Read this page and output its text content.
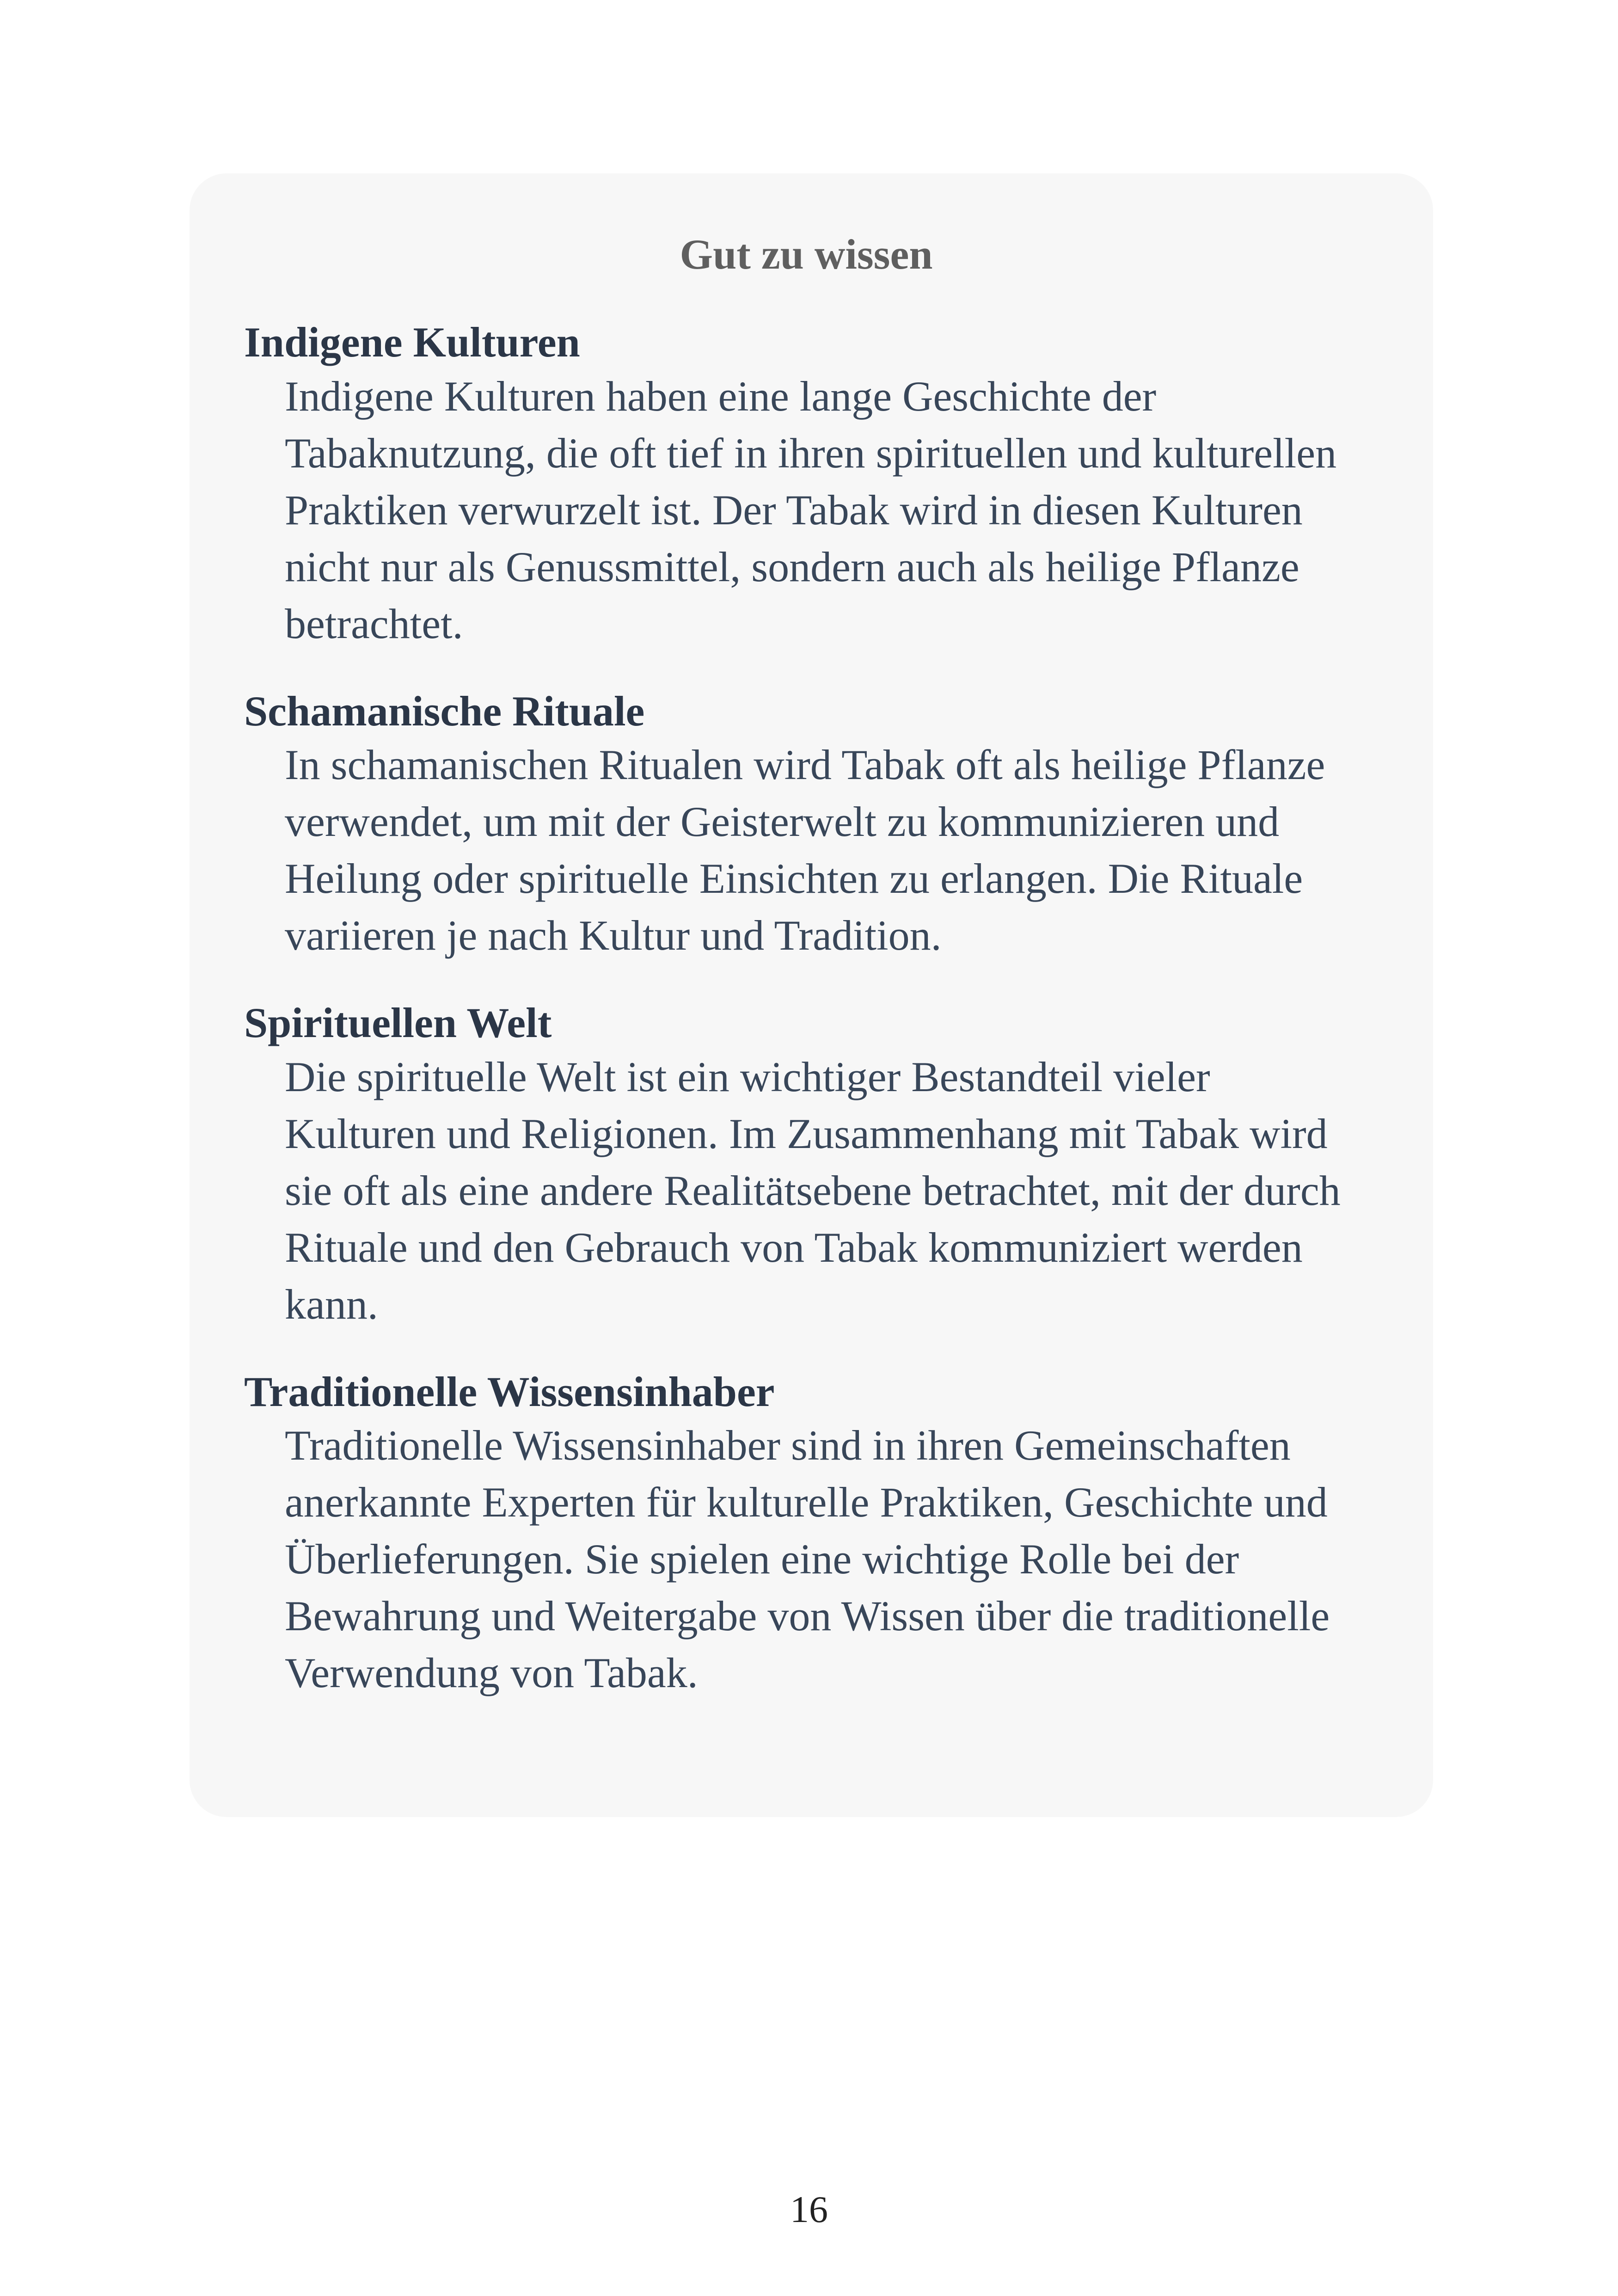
Gut zu wissen

Indigene Kulturen

Indigene Kulturen haben eine lange Geschichte der Tabaknutzung, die oft tief in ihren spirituellen und kulturellen Praktiken verwurzelt ist. Der Tabak wird in diesen Kulturen nicht nur als Genussmittel, sondern auch als heilige Pflanze betrachtet.

Schamanische Rituale

In schamanischen Ritualen wird Tabak oft als heilige Pflanze verwendet, um mit der Geisterwelt zu kommunizieren und Heilung oder spirituelle Einsichten zu erlangen. Die Rituale variieren je nach Kultur und Tradition.

Spirituellen Welt

Die spirituelle Welt ist ein wichtiger Bestandteil vieler Kulturen und Religionen. Im Zusammenhang mit Tabak wird sie oft als eine andere Realitätsebene betrachtet, mit der durch Rituale und den Gebrauch von Tabak kommuniziert werden kann.

Traditionelle Wissensinhaber

Traditionelle Wissensinhaber sind in ihren Gemeinschaften anerkannte Experten für kulturelle Praktiken, Geschichte und Überlieferungen. Sie spielen eine wichtige Rolle bei der Bewahrung und Weitergabe von Wissen über die traditionelle Verwendung von Tabak.

16
